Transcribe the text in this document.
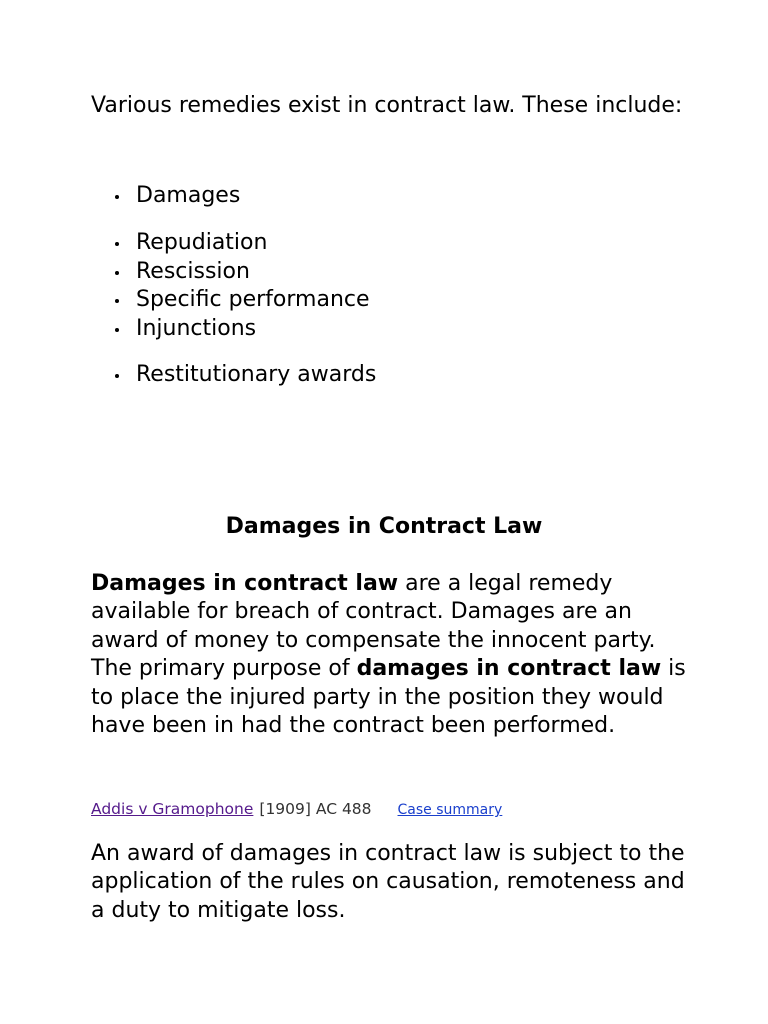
Various remedies exist in contract law. These include:

Damages
Repudiation
Rescission
Specific performance
Injunctions
Restitutionary awards
Damages in Contract Law

Damages in contract law are a legal remedy available for breach of contract. Damages are an award of money to compensate the innocent party. The primary purpose of damages in contract law is to place the injured party in the position they would have been in had the contract been performed.

Addis v Gramophone [1909] AC 488 Case summary

An award of damages in contract law is subject to the application of the rules on causation, remoteness and a duty to mitigate loss.
